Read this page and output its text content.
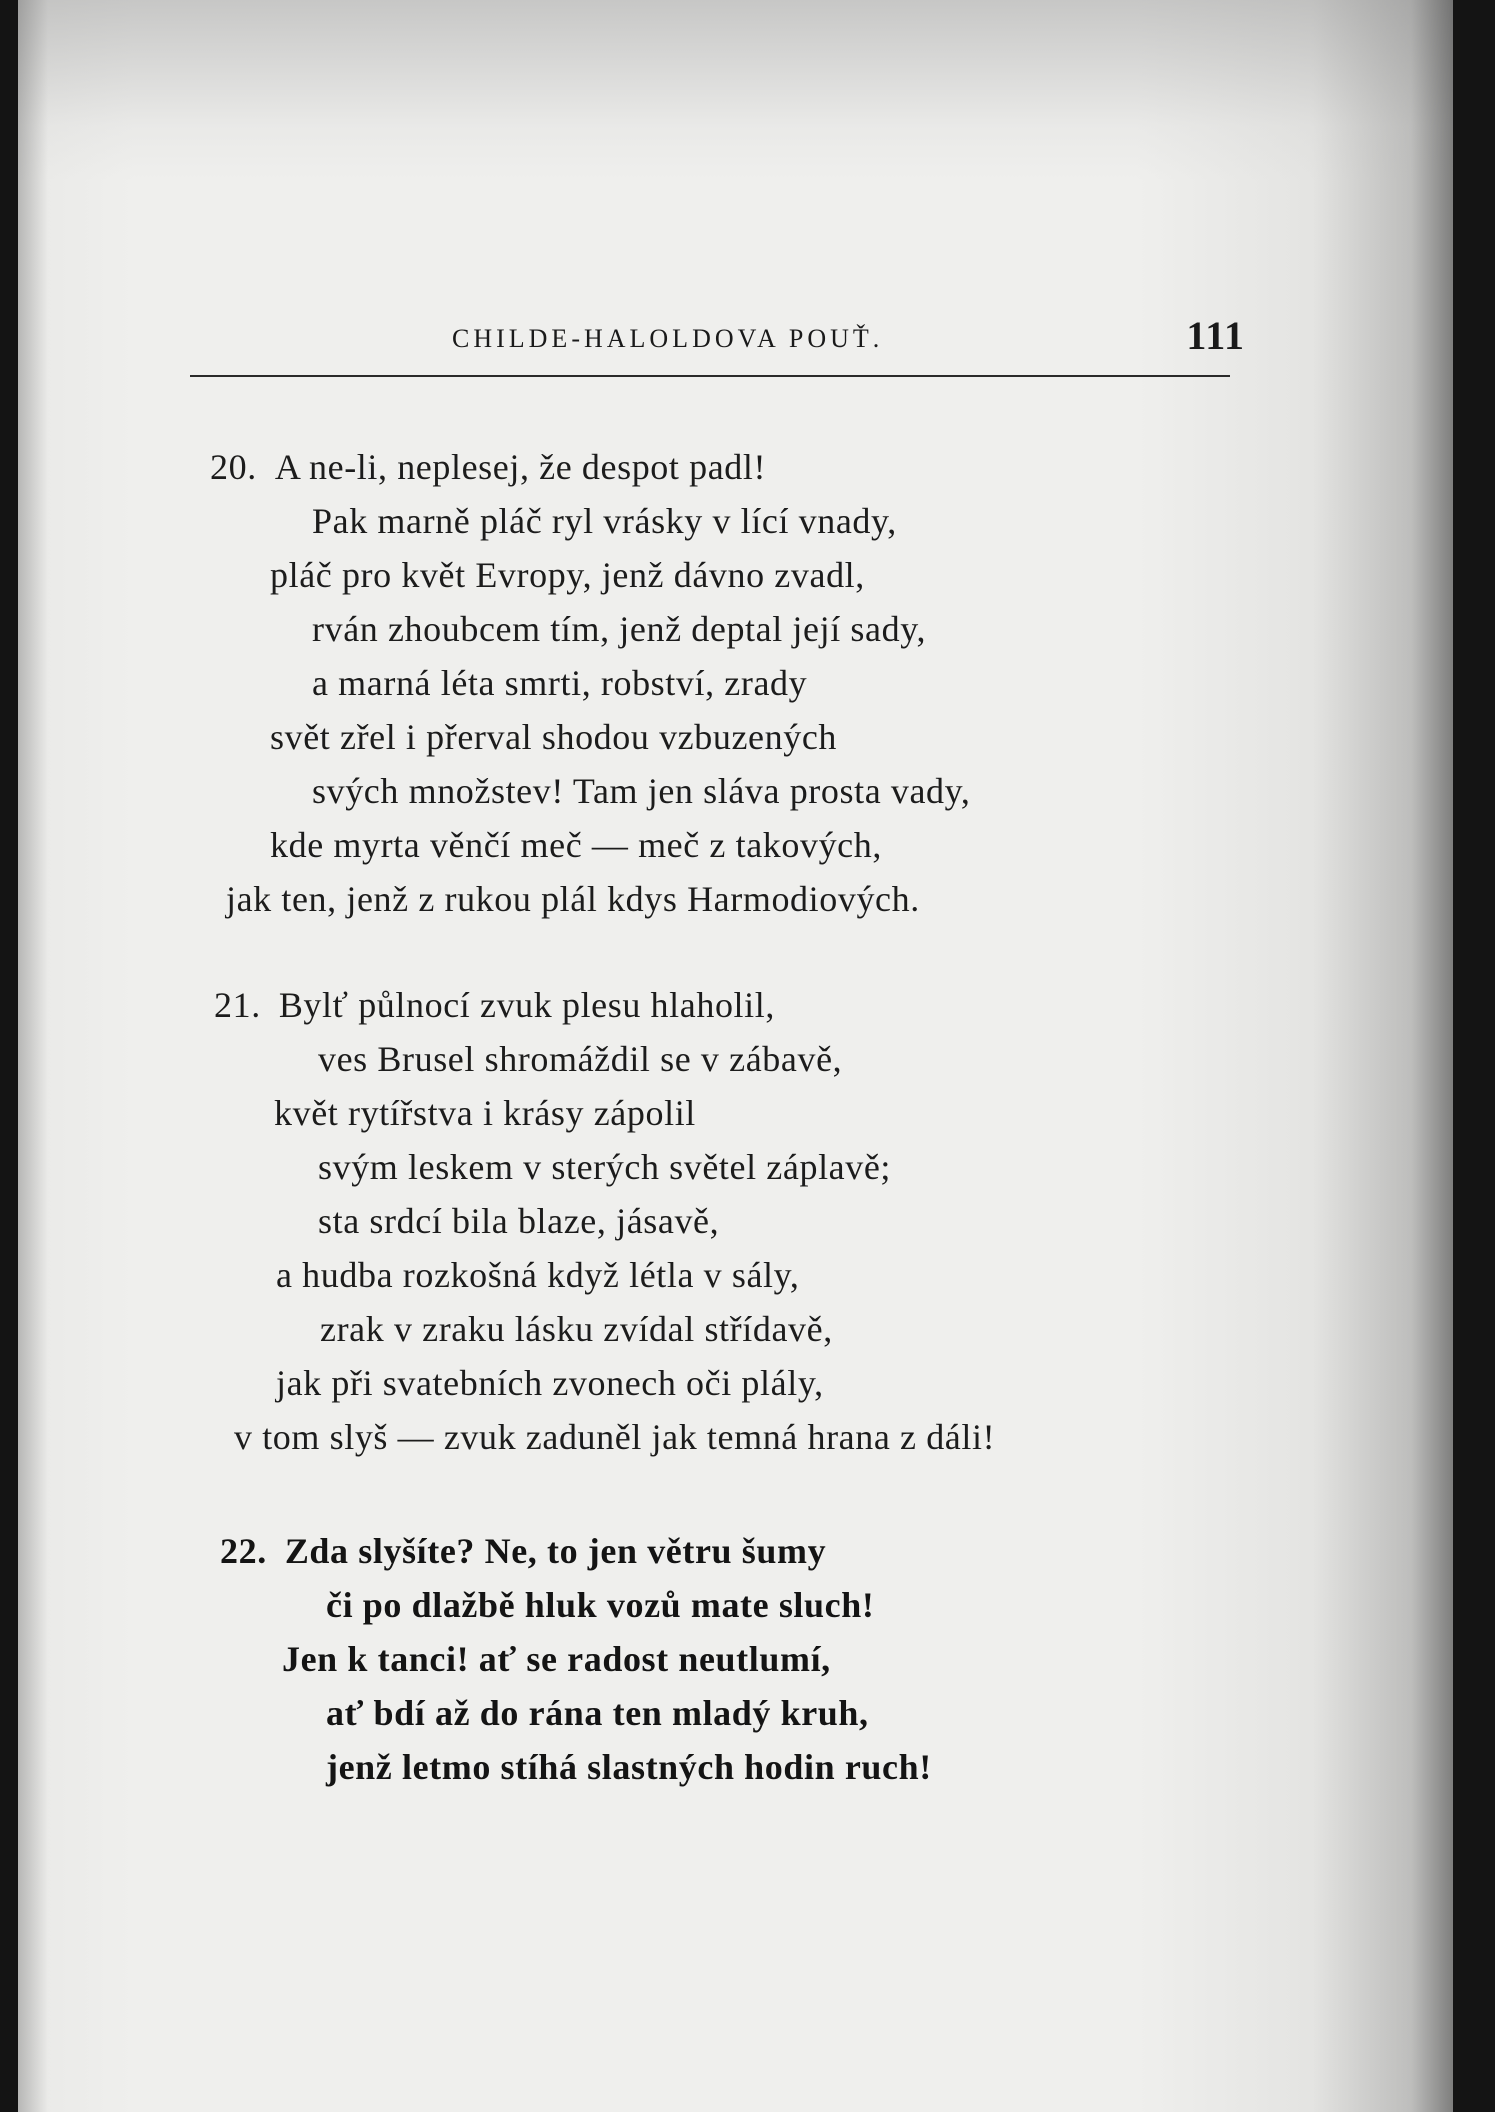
CHILDE-HALOLDOVA POUŤ.	111
20. A ne-li, neplesej, že despot padl!
Pak marně pláč ryl vrásky v lící vnady,
pláč pro květ Evropy, jenž dávno zvadl,
rván zhoubcem tím, jenž deptal její sady,
a marná léta smrti, robství, zrady
svět zřel i přerval shodou vzbuzených
svých množstev! Tam jen sláva prosta vady,
kde myrta věnčí meč — meč z takových,
jak ten, jenž z rukou plál kdys Harmodiových.
21. Bylť půlnocí zvuk plesu hlaholil,
ves Brusel shromáždil se v zábavě,
květ rytířstva i krásy zápolil
svým leskem v sterých světel záplavě;
sta srdcí bila blaze, jásavě,
a hudba rozkošná když létla v sály,
zrak v zraku lásku zvídal střídavě,
jak při svatebních zvonech oči plály,
v tom slyš — zvuk zaduněl jak temná hrana z dáli!
22. Zda slyšíte? Ne, to jen větru šumy
či po dlažbě hluk vozů mate sluch!
Jen k tanci! ať se radost neutlumí,
ať bdí až do rána ten mladý kruh,
jenž letmo stíhá slastných hodin ruch!
